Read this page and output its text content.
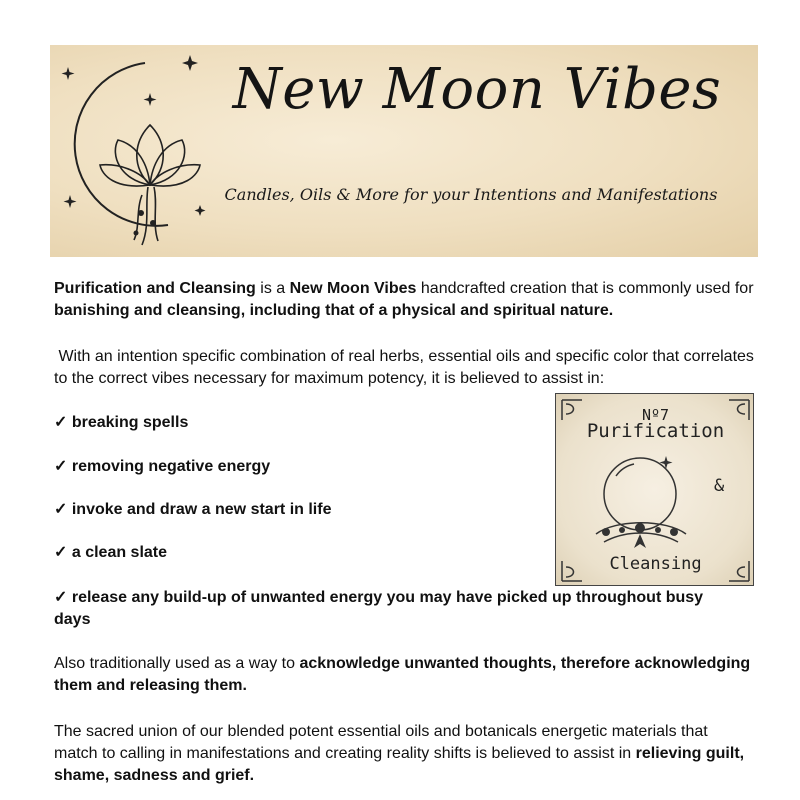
New Moon Vibes
Candles, Oils & More for your Intentions and Manifestations
Purification and Cleansing is a New Moon Vibes handcrafted creation that is commonly used for banishing and cleansing, including that of a physical and spiritual nature.
With an intention specific combination of real herbs, essential oils and specific color that correlates to the correct vibes necessary for maximum potency, it is believed to assist in:
✓ breaking spells
✓ removing negative energy
✓ invoke and draw a new start in life
✓ a clean slate
✓ release any build-up of unwanted energy you may have picked up throughout busy days
Also traditionally used as a way to acknowledge unwanted thoughts, therefore acknowledging them and releasing them.
The sacred union of our blended potent essential oils and botanicals energetic materials that match to calling in manifestations and creating reality shifts is believed to assist in relieving guilt, shame, sadness and grief.
Nº7
Purification
&
Cleansing
